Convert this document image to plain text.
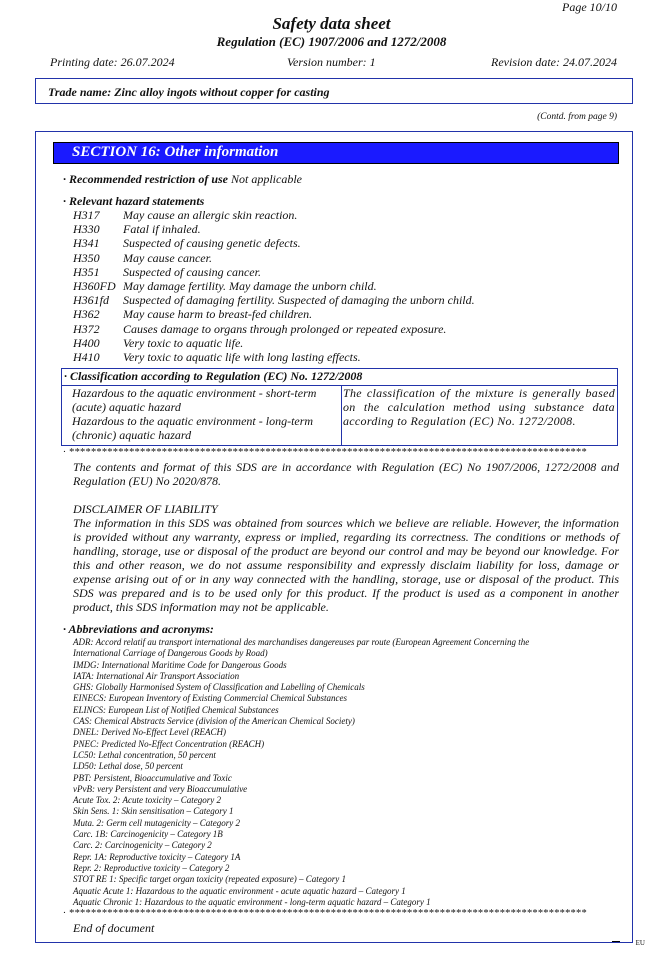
Page 10/10
Safety data sheet
Regulation (EC) 1907/2006 and 1272/2008
Printing date: 26.07.2024	Version number: 1	Revision date: 24.07.2024
Trade name: Zinc alloy ingots without copper for casting
(Contd. from page 9)
SECTION 16: Other information
· Recommended restriction of use Not applicable
· Relevant hazard statements
H317 May cause an allergic skin reaction.
H330 Fatal if inhaled.
H341 Suspected of causing genetic defects.
H350 May cause cancer.
H351 Suspected of causing cancer.
H360FD May damage fertility. May damage the unborn child.
H361fd Suspected of damaging fertility. Suspected of damaging the unborn child.
H362 May cause harm to breast-fed children.
H372 Causes damage to organs through prolonged or repeated exposure.
H400 Very toxic to aquatic life.
H410 Very toxic to aquatic life with long lasting effects.
· Classification according to Regulation (EC) No. 1272/2008
Hazardous to the aquatic environment - short-term
(acute) aquatic hazard
Hazardous to the aquatic environment - long-term
(chronic) aquatic hazard
The classification of the mixture is generally based on the calculation method using substance data according to Regulation (EC) No. 1272/2008.
· ***********************************************************************************************
The contents and format of this SDS are in accordance with Regulation (EC) No 1907/2006, 1272/2008 and Regulation (EU) No 2020/878.
DISCLAIMER OF LIABILITY
The information in this SDS was obtained from sources which we believe are reliable. However, the information is provided without any warranty, express or implied, regarding its correctness. The conditions or methods of handling, storage, use or disposal of the product are beyond our control and may be beyond our knowledge. For this and other reason, we do not assume responsibility and expressly disclaim liability for loss, damage or expense arising out of or in any way connected with the handling, storage, use or disposal of the product. This SDS was prepared and is to be used only for this product. If the product is used as a component in another product, this SDS information may not be applicable.
· Abbreviations and acronyms:
ADR: Accord relatif au transport international des marchandises dangereuses par route (European Agreement Concerning the
International Carriage of Dangerous Goods by Road)
IMDG: International Maritime Code for Dangerous Goods
IATA: International Air Transport Association
GHS: Globally Harmonised System of Classification and Labelling of Chemicals
EINECS: European Inventory of Existing Commercial Chemical Substances
ELINCS: European List of Notified Chemical Substances
CAS: Chemical Abstracts Service (division of the American Chemical Society)
DNEL: Derived No-Effect Level (REACH)
PNEC: Predicted No-Effect Concentration (REACH)
LC50: Lethal concentration, 50 percent
LD50: Lethal dose, 50 percent
PBT: Persistent, Bioaccumulative and Toxic
vPvB: very Persistent and very Bioaccumulative
Acute Tox. 2: Acute toxicity – Category 2
Skin Sens. 1: Skin sensitisation – Category 1
Muta. 2: Germ cell mutagenicity – Category 2
Carc. 1B: Carcinogenicity – Category 1B
Carc. 2: Carcinogenicity – Category 2
Repr. 1A: Reproductive toxicity – Category 1A
Repr. 2: Reproductive toxicity – Category 2
STOT RE 1: Specific target organ toxicity (repeated exposure) – Category 1
Aquatic Acute 1: Hazardous to the aquatic environment - acute aquatic hazard – Category 1
Aquatic Chronic 1: Hazardous to the aquatic environment - long-term aquatic hazard – Category 1
· ***********************************************************************************************
End of document
EU
